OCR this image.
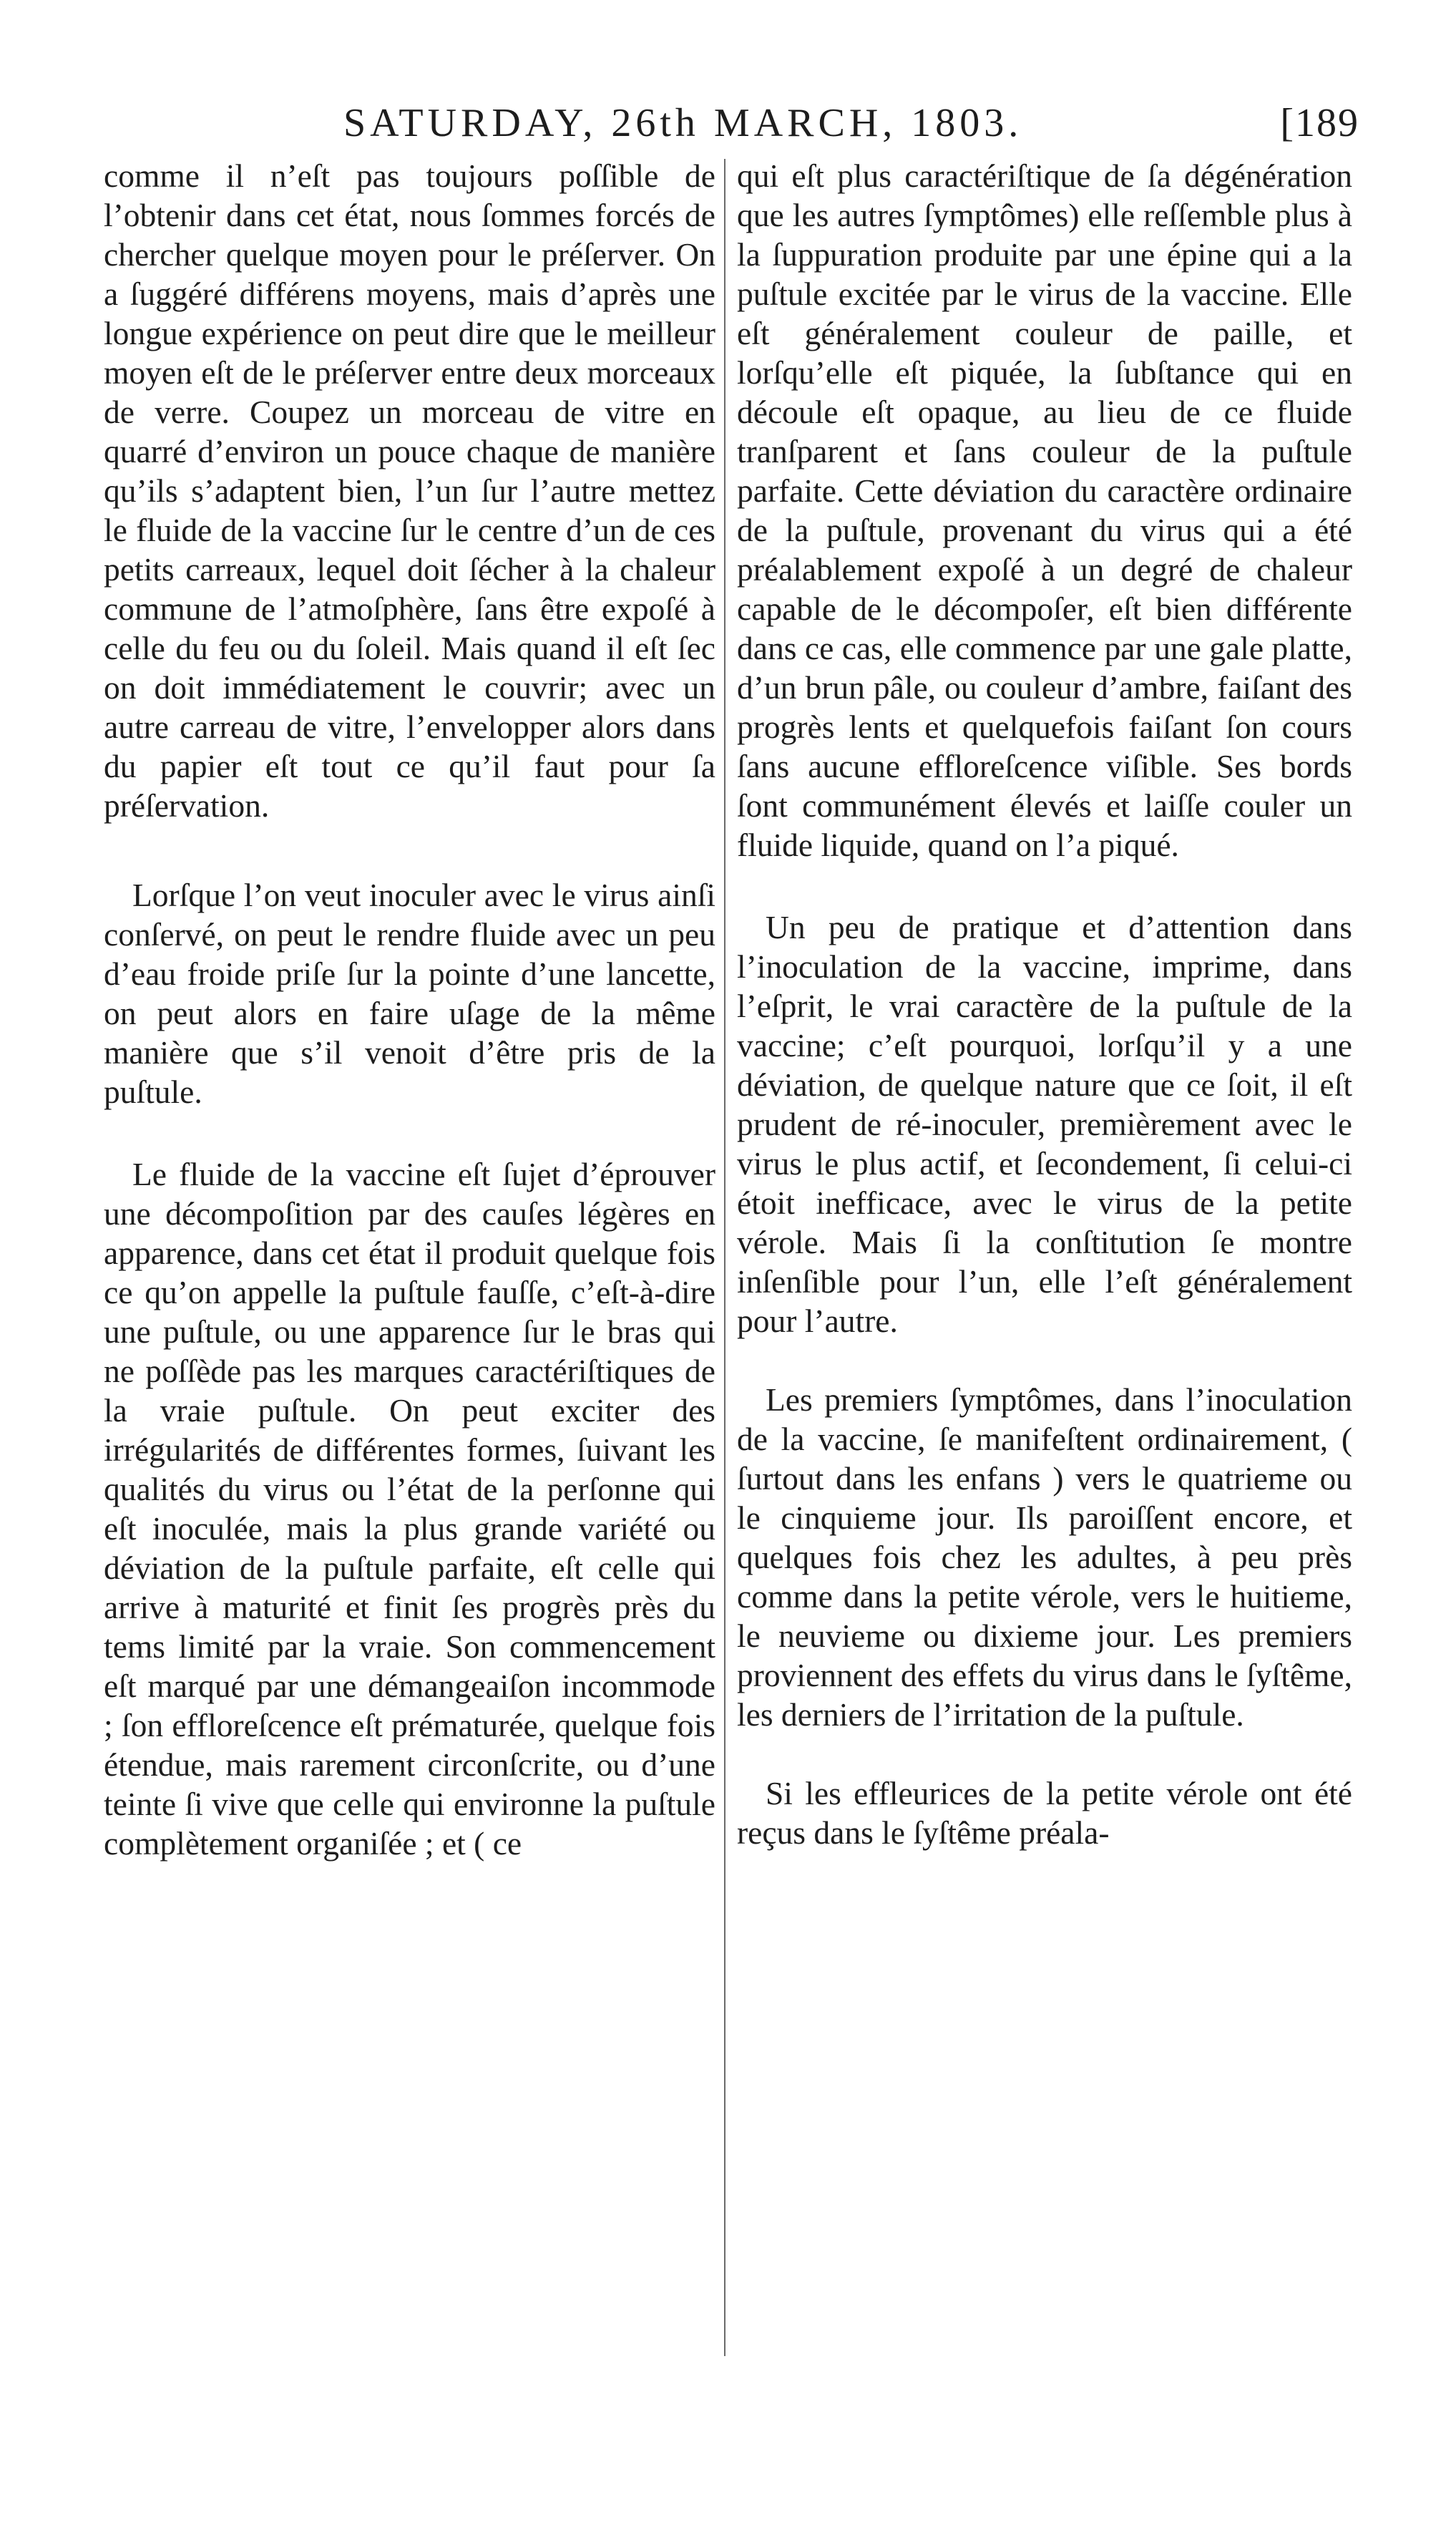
SATURDAY, 26th MARCH, 1803.	[189

comme il n’eſt pas toujours poſſible de l’obtenir dans cet état, nous ſommes forcés de chercher quelque moyen pour le préſerver. On a ſuggéré différens moyens, mais d’après une longue expérience on peut dire que le meilleur moyen eſt de le préſerver entre deux morceaux de verre. Coupez un morceau de vitre en quarré d’environ un pouce chaque de manière qu’ils s’adaptent bien, l’un ſur l’autre mettez le fluide de la vaccine ſur le centre d’un de ces petits carreaux, lequel doit ſécher à la chaleur commune de l’atmoſphère, ſans être expoſé à celle du feu ou du ſoleil. Mais quand il eſt ſec on doit immédiatement le couvrir; avec un autre carreau de vitre, l’envelopper alors dans du papier eſt tout ce qu’il faut pour ſa préſervation.

Lorſque l’on veut inoculer avec le virus ainſi conſervé, on peut le rendre fluide avec un peu d’eau froide priſe ſur la pointe d’une lancette, on peut alors en faire uſage de la même manière que s’il venoit d’être pris de la puſtule.

Le fluide de la vaccine eſt ſujet d’éprouver une décompoſition par des cauſes légères en apparence, dans cet état il produit quelque fois ce qu’on appelle la puſtule fauſſe, c’eſt-à-dire une puſtule, ou une apparence ſur le bras qui ne poſſède pas les marques caractériſtiques de la vraie puſtule. On peut exciter des irrégularités de différentes formes, ſuivant les qualités du virus ou l’état de la perſonne qui eſt inoculée, mais la plus grande variété ou déviation de la puſtule parfaite, eſt celle qui arrive à maturité et finit ſes progrès près du tems limité par la vraie. Son commencement eſt marqué par une démangeaiſon incommode ; ſon effloreſcence eſt prématurée, quelque fois étendue, mais rarement circonſcrite, ou d’une teinte ſi vive que celle qui environne la puſtule complètement organiſée ; et ( ce

qui eſt plus caractériſtique de ſa dégénération que les autres ſymptômes) elle reſſemble plus à la ſuppuration produite par une épine qui a la puſtule excitée par le virus de la vaccine. Elle eſt généralement couleur de paille, et lorſqu’elle eſt piquée, la ſubſtance qui en découle eſt opaque, au lieu de ce fluide tranſparent et ſans couleur de la puſtule parfaite. Cette déviation du caractère ordinaire de la puſtule, provenant du virus qui a été préalablement expoſé à un degré de chaleur capable de le décompoſer, eſt bien différente dans ce cas, elle commence par une gale platte, d’un brun pâle, ou couleur d’ambre, faiſant des progrès lents et quelquefois faiſant ſon cours ſans aucune effloreſcence viſible. Ses bords ſont communément élevés et laiſſe couler un fluide liquide, quand on l’a piqué.

Un peu de pratique et d’attention dans l’inoculation de la vaccine, imprime, dans l’eſprit, le vrai caractère de la puſtule de la vaccine; c’eſt pourquoi, lorſqu’il y a une déviation, de quelque nature que ce ſoit, il eſt prudent de ré-inoculer, premièrement avec le virus le plus actif, et ſecondement, ſi celui-ci étoit inefficace, avec le virus de la petite vérole. Mais ſi la conſtitution ſe montre inſenſible pour l’un, elle l’eſt généralement pour l’autre.

Les premiers ſymptômes, dans l’inoculation de la vaccine, ſe manifeſtent ordinairement, ( ſurtout dans les enfans ) vers le quatrieme ou le cinquieme jour. Ils paroiſſent encore, et quelques fois chez les adultes, à peu près comme dans la petite vérole, vers le huitieme, le neuvieme ou dixieme jour. Les premiers proviennent des effets du virus dans le ſyſtême, les derniers de l’irritation de la puſtule.

Si les effleurices de la petite vérole ont été reçus dans le ſyſtême préala-
